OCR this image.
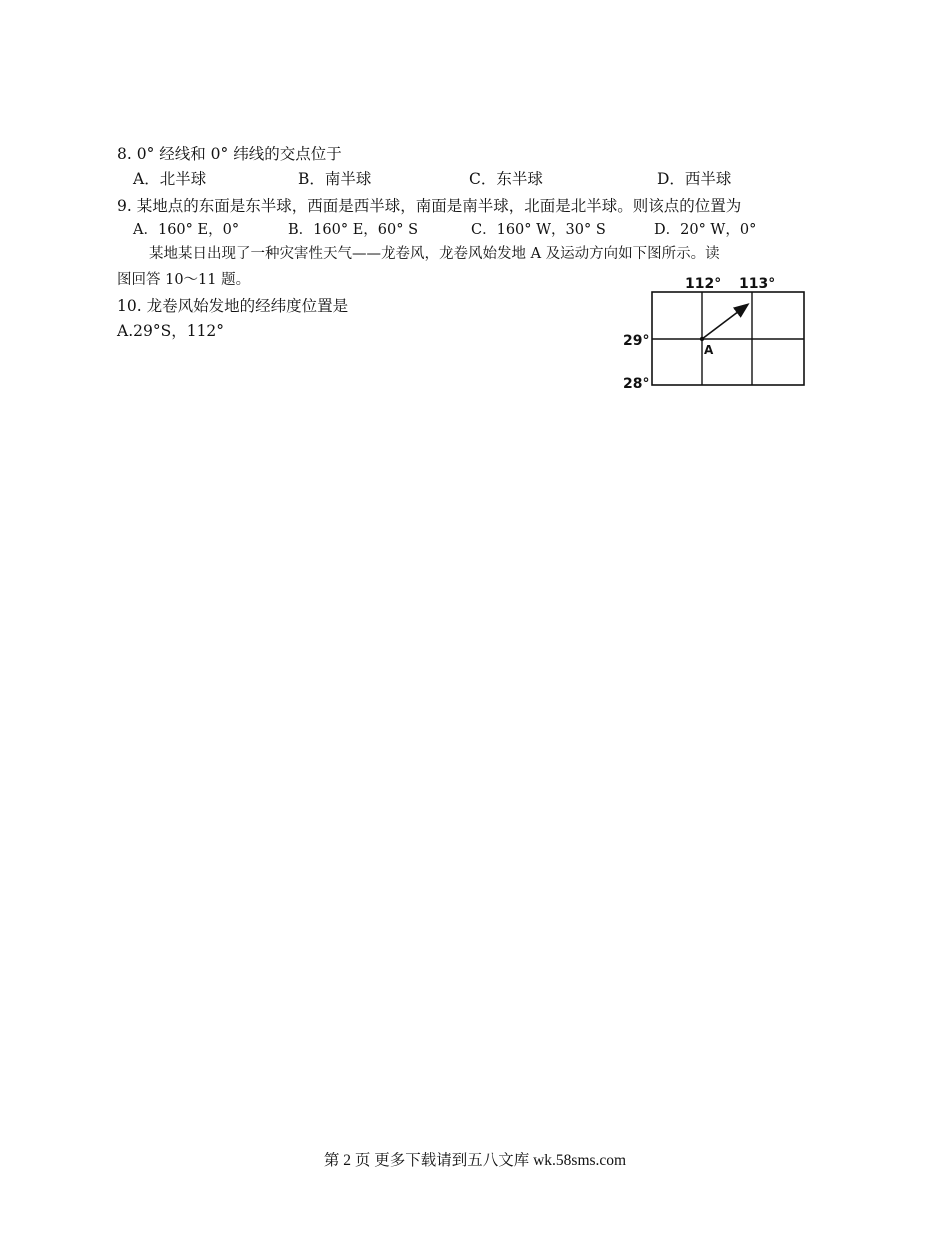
8. 0° 经线和 0° 纬线的交点位于
A．北半球	B．南半球	C．东半球	D．西半球
9. 某地点的东面是东半球，西面是西半球，南面是南半球，北面是北半球。则该点的位置为
A．160° E，0°	B．160° E，60° S	C．160° W，30° S	D．20° W，0°
某地某日出现了一种灾害性天气——龙卷风，龙卷风始发地 A 及运动方向如下图所示。读
图回答 10～11 题。
10. 龙卷风始发地的经纬度位置是
A.29°S，112°
112° 113°
29°
28°
A
第 2 页 更多下载请到五八文库 wk.58sms.com
